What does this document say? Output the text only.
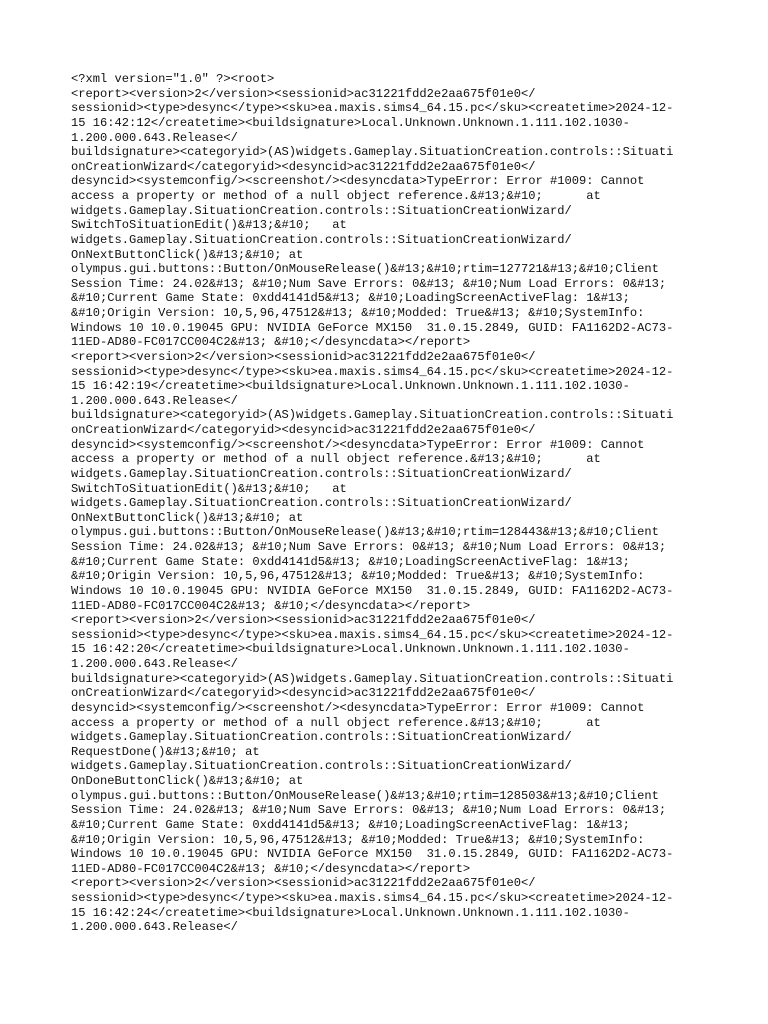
<?xml version="1.0" ?><root>
<report><version>2</version><sessionid>ac31221fdd2e2aa675f01e0</
sessionid><type>desync</type><sku>ea.maxis.sims4_64.15.pc</sku><createtime>2024-12-
15 16:42:12</createtime><buildsignature>Local.Unknown.Unknown.1.111.102.1030-
1.200.000.643.Release</
buildsignature><categoryid>(AS)widgets.Gameplay.SituationCreation.controls::Situati
onCreationWizard</categoryid><desyncid>ac31221fdd2e2aa675f01e0</
desyncid><systemconfig/><screenshot/><desyncdata>TypeError: Error #1009: Cannot
access a property or method of a null object reference.&#13;&#10;      at
widgets.Gameplay.SituationCreation.controls::SituationCreationWizard/
SwitchToSituationEdit()&#13;&#10;   at
widgets.Gameplay.SituationCreation.controls::SituationCreationWizard/
OnNextButtonClick()&#13;&#10; at
olympus.gui.buttons::Button/OnMouseRelease()&#13;&#10;rtim=127721&#13;&#10;Client
Session Time: 24.02&#13; &#10;Num Save Errors: 0&#13; &#10;Num Load Errors: 0&#13;
&#10;Current Game State: 0xdd4141d5&#13; &#10;LoadingScreenActiveFlag: 1&#13;
&#10;Origin Version: 10,5,96,47512&#13; &#10;Modded: True&#13; &#10;SystemInfo:
Windows 10 10.0.19045 GPU: NVIDIA GeForce MX150  31.0.15.2849, GUID: FA1162D2-AC73-
11ED-AD80-FC017CC004C2&#13; &#10;</desyncdata></report>
<report><version>2</version><sessionid>ac31221fdd2e2aa675f01e0</
sessionid><type>desync</type><sku>ea.maxis.sims4_64.15.pc</sku><createtime>2024-12-
15 16:42:19</createtime><buildsignature>Local.Unknown.Unknown.1.111.102.1030-
1.200.000.643.Release</
buildsignature><categoryid>(AS)widgets.Gameplay.SituationCreation.controls::Situati
onCreationWizard</categoryid><desyncid>ac31221fdd2e2aa675f01e0</
desyncid><systemconfig/><screenshot/><desyncdata>TypeError: Error #1009: Cannot
access a property or method of a null object reference.&#13;&#10;      at
widgets.Gameplay.SituationCreation.controls::SituationCreationWizard/
SwitchToSituationEdit()&#13;&#10;   at
widgets.Gameplay.SituationCreation.controls::SituationCreationWizard/
OnNextButtonClick()&#13;&#10; at
olympus.gui.buttons::Button/OnMouseRelease()&#13;&#10;rtim=128443&#13;&#10;Client
Session Time: 24.02&#13; &#10;Num Save Errors: 0&#13; &#10;Num Load Errors: 0&#13;
&#10;Current Game State: 0xdd4141d5&#13; &#10;LoadingScreenActiveFlag: 1&#13;
&#10;Origin Version: 10,5,96,47512&#13; &#10;Modded: True&#13; &#10;SystemInfo:
Windows 10 10.0.19045 GPU: NVIDIA GeForce MX150  31.0.15.2849, GUID: FA1162D2-AC73-
11ED-AD80-FC017CC004C2&#13; &#10;</desyncdata></report>
<report><version>2</version><sessionid>ac31221fdd2e2aa675f01e0</
sessionid><type>desync</type><sku>ea.maxis.sims4_64.15.pc</sku><createtime>2024-12-
15 16:42:20</createtime><buildsignature>Local.Unknown.Unknown.1.111.102.1030-
1.200.000.643.Release</
buildsignature><categoryid>(AS)widgets.Gameplay.SituationCreation.controls::Situati
onCreationWizard</categoryid><desyncid>ac31221fdd2e2aa675f01e0</
desyncid><systemconfig/><screenshot/><desyncdata>TypeError: Error #1009: Cannot
access a property or method of a null object reference.&#13;&#10;      at
widgets.Gameplay.SituationCreation.controls::SituationCreationWizard/
RequestDone()&#13;&#10; at
widgets.Gameplay.SituationCreation.controls::SituationCreationWizard/
OnDoneButtonClick()&#13;&#10; at
olympus.gui.buttons::Button/OnMouseRelease()&#13;&#10;rtim=128503&#13;&#10;Client
Session Time: 24.02&#13; &#10;Num Save Errors: 0&#13; &#10;Num Load Errors: 0&#13;
&#10;Current Game State: 0xdd4141d5&#13; &#10;LoadingScreenActiveFlag: 1&#13;
&#10;Origin Version: 10,5,96,47512&#13; &#10;Modded: True&#13; &#10;SystemInfo:
Windows 10 10.0.19045 GPU: NVIDIA GeForce MX150  31.0.15.2849, GUID: FA1162D2-AC73-
11ED-AD80-FC017CC004C2&#13; &#10;</desyncdata></report>
<report><version>2</version><sessionid>ac31221fdd2e2aa675f01e0</
sessionid><type>desync</type><sku>ea.maxis.sims4_64.15.pc</sku><createtime>2024-12-
15 16:42:24</createtime><buildsignature>Local.Unknown.Unknown.1.111.102.1030-
1.200.000.643.Release</
